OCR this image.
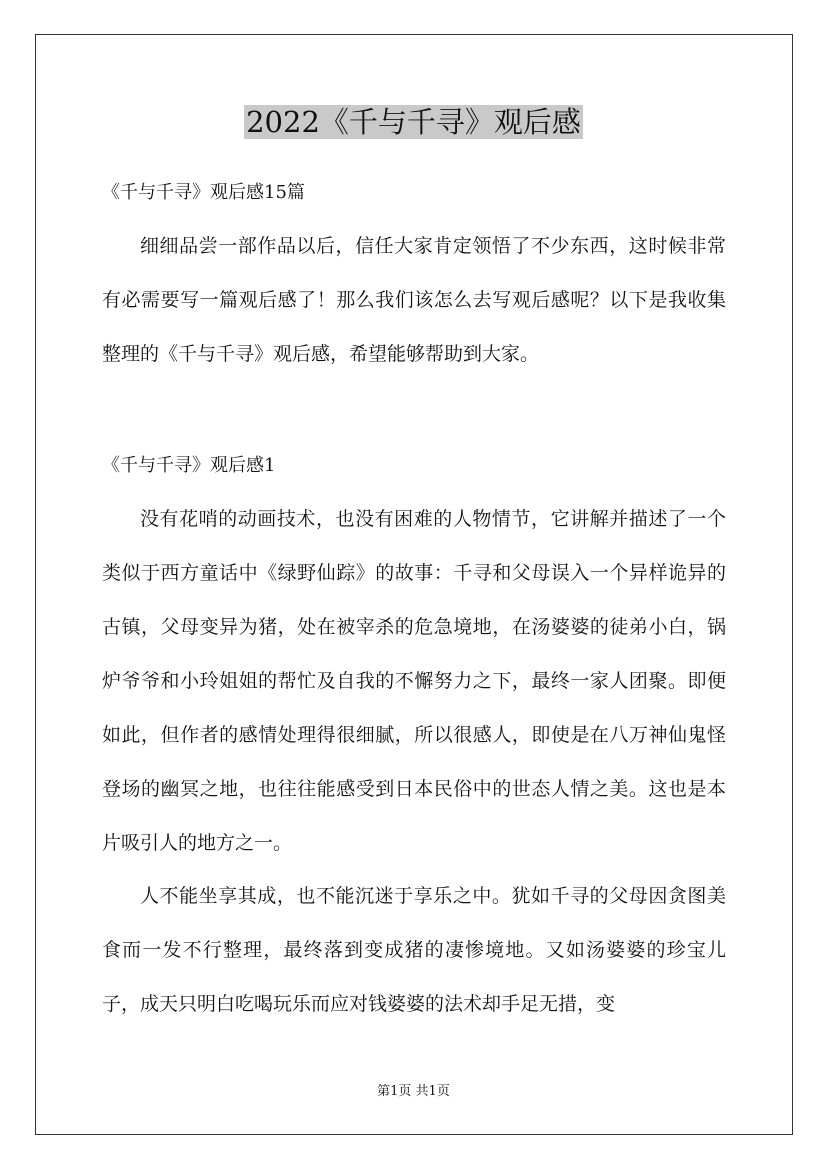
2022《千与千寻》观后感
《千与千寻》观后感15篇

细细品尝一部作品以后，信任大家肯定领悟了不少东西，这时候非常有必需要写一篇观后感了！那么我们该怎么去写观后感呢？以下是我收集整理的《千与千寻》观后感，希望能够帮助到大家。

《千与千寻》观后感1

没有花哨的动画技术，也没有困难的人物情节，它讲解并描述了一个类似于西方童话中《绿野仙踪》的故事：千寻和父母误入一个异样诡异的古镇，父母变异为猪，处在被宰杀的危急境地，在汤婆婆的徒弟小白，锅炉爷爷和小玲姐姐的帮忙及自我的不懈努力之下，最终一家人团聚。即便如此，但作者的感情处理得很细腻，所以很感人，即使是在八万神仙鬼怪登场的幽冥之地，也往往能感受到日本民俗中的世态人情之美。这也是本片吸引人的地方之一。

人不能坐享其成，也不能沉迷于享乐之中。犹如千寻的父母因贪图美食而一发不行整理，最终落到变成猪的凄惨境地。又如汤婆婆的珍宝儿子，成天只明白吃喝玩乐而应对钱婆婆的法术却手足无措，变

第1页 共1页
